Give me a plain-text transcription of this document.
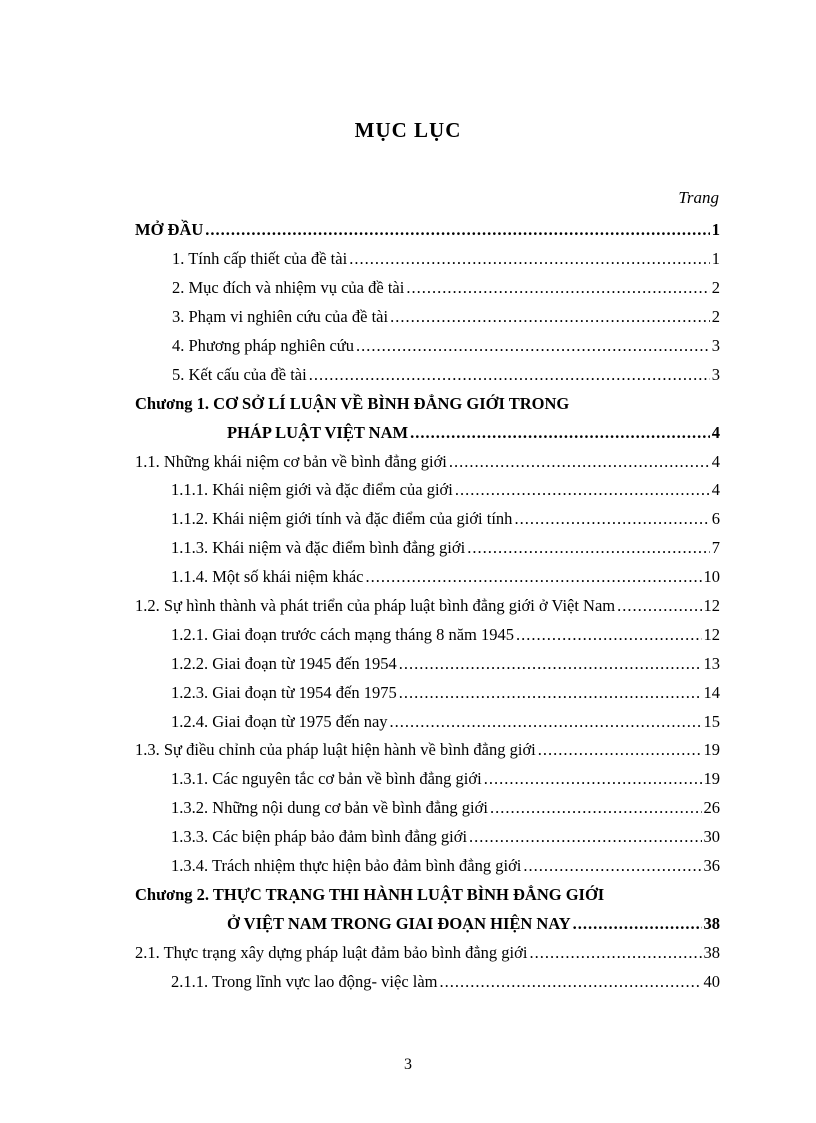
MỤC LỤC
Trang
MỞ ĐẦU .....	1
1. Tính cấp thiết của đề tài .....	1
2. Mục đích và nhiệm vụ của đề tài .....	2
3. Phạm vi nghiên cứu của đề tài .....	2
4. Phương pháp nghiên cứu .....	3
5. Kết cấu của đề tài .....	3
Chương 1. CƠ SỞ LÍ LUẬN VỀ BÌNH ĐẲNG GIỚI TRONG
PHÁP LUẬT VIỆT NAM .....	4
1.1. Những khái niệm cơ bản về bình đẳng giới .....	4
1.1.1. Khái niệm giới và đặc điểm của giới .....	4
1.1.2. Khái niệm giới tính và đặc điểm của giới tính .....	6
1.1.3. Khái niệm và đặc điểm bình đẳng giới .....	7
1.1.4. Một số khái niệm khác .....	10
1.2. Sự hình thành và phát triển của pháp luật bình đẳng giới ở Việt Nam .....	12
1.2.1. Giai đoạn trước cách mạng tháng 8 năm 1945 .....	12
1.2.2. Giai đoạn từ 1945 đến 1954 .....	13
1.2.3. Giai đoạn từ 1954 đến 1975 .....	14
1.2.4. Giai đoạn từ 1975 đến nay .....	15
1.3. Sự điều chỉnh của pháp luật hiện hành về bình đẳng giới .....	19
1.3.1. Các nguyên tắc cơ bản về bình đẳng giới .....	19
1.3.2. Những nội dung cơ bản về bình đẳng giới .....	26
1.3.3. Các biện pháp bảo đảm bình đẳng giới .....	30
1.3.4. Trách nhiệm thực hiện bảo đảm bình đẳng giới .....	36
Chương 2. THỰC TRẠNG THI HÀNH LUẬT BÌNH ĐẲNG GIỚI
Ở VIỆT NAM TRONG GIAI ĐOẠN HIỆN NAY .....	38
2.1. Thực trạng xây dựng pháp luật đảm bảo bình đẳng giới .....	38
2.1.1. Trong lĩnh vực lao động- việc làm .....	40
3
